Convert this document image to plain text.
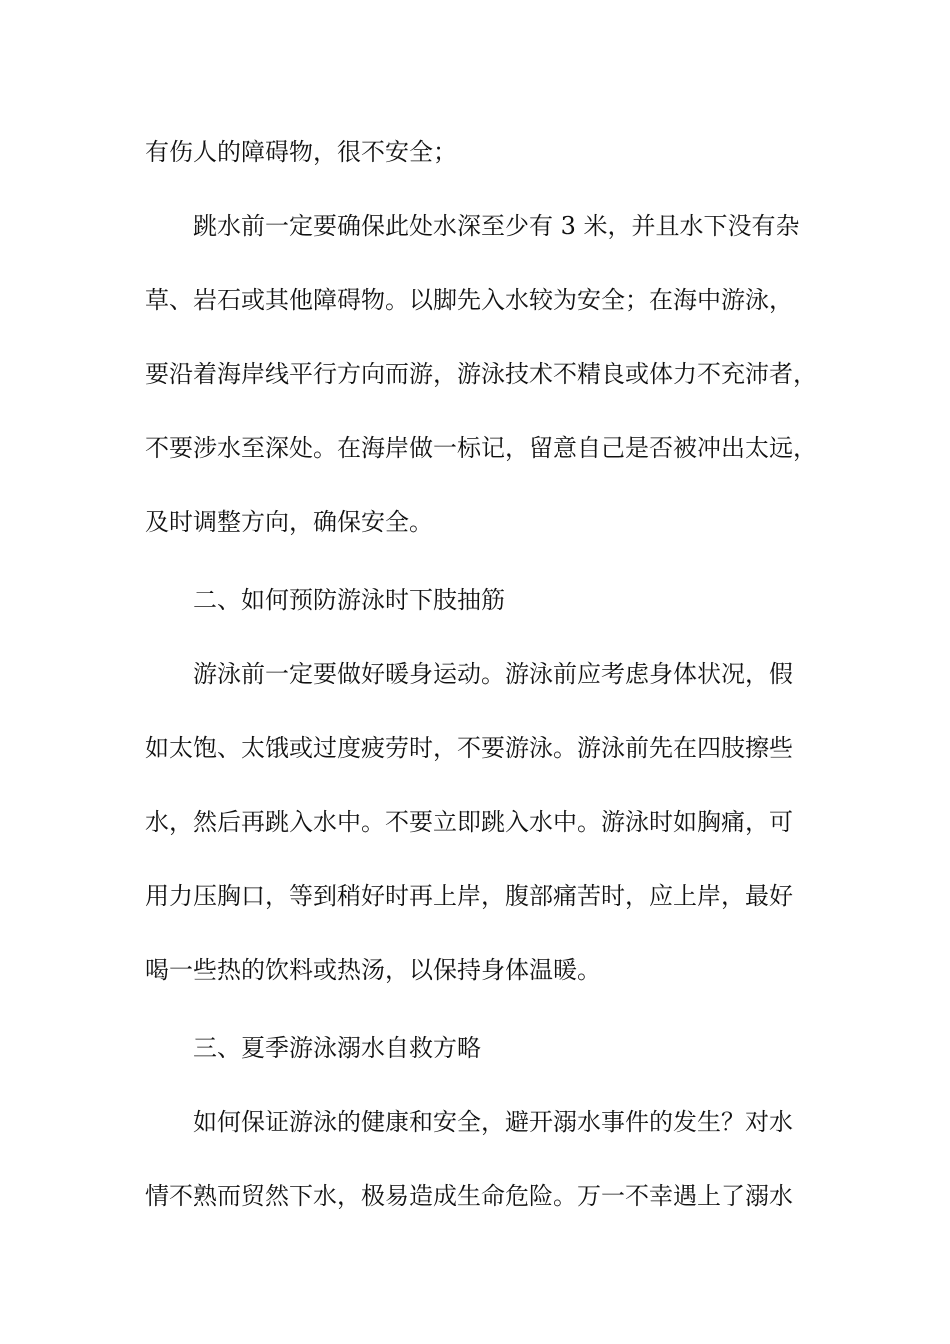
有伤人的障碍物，很不安全；
跳水前一定要确保此处水深至少有 3 米，并且水下没有杂
草、岩石或其他障碍物。以脚先入水较为安全；在海中游泳，
要沿着海岸线平行方向而游，游泳技术不精良或体力不充沛者，
不要涉水至深处。在海岸做一标记，留意自己是否被冲出太远，
及时调整方向，确保安全。
二、如何预防游泳时下肢抽筋
游泳前一定要做好暖身运动。游泳前应考虑身体状况，假
如太饱、太饿或过度疲劳时，不要游泳。游泳前先在四肢擦些
水，然后再跳入水中。不要立即跳入水中。游泳时如胸痛，可
用力压胸口，等到稍好时再上岸，腹部痛苦时，应上岸，最好
喝一些热的饮料或热汤，以保持身体温暖。
三、夏季游泳溺水自救方略
如何保证游泳的健康和安全，避开溺水事件的发生？对水
情不熟而贸然下水，极易造成生命危险。万一不幸遇上了溺水
